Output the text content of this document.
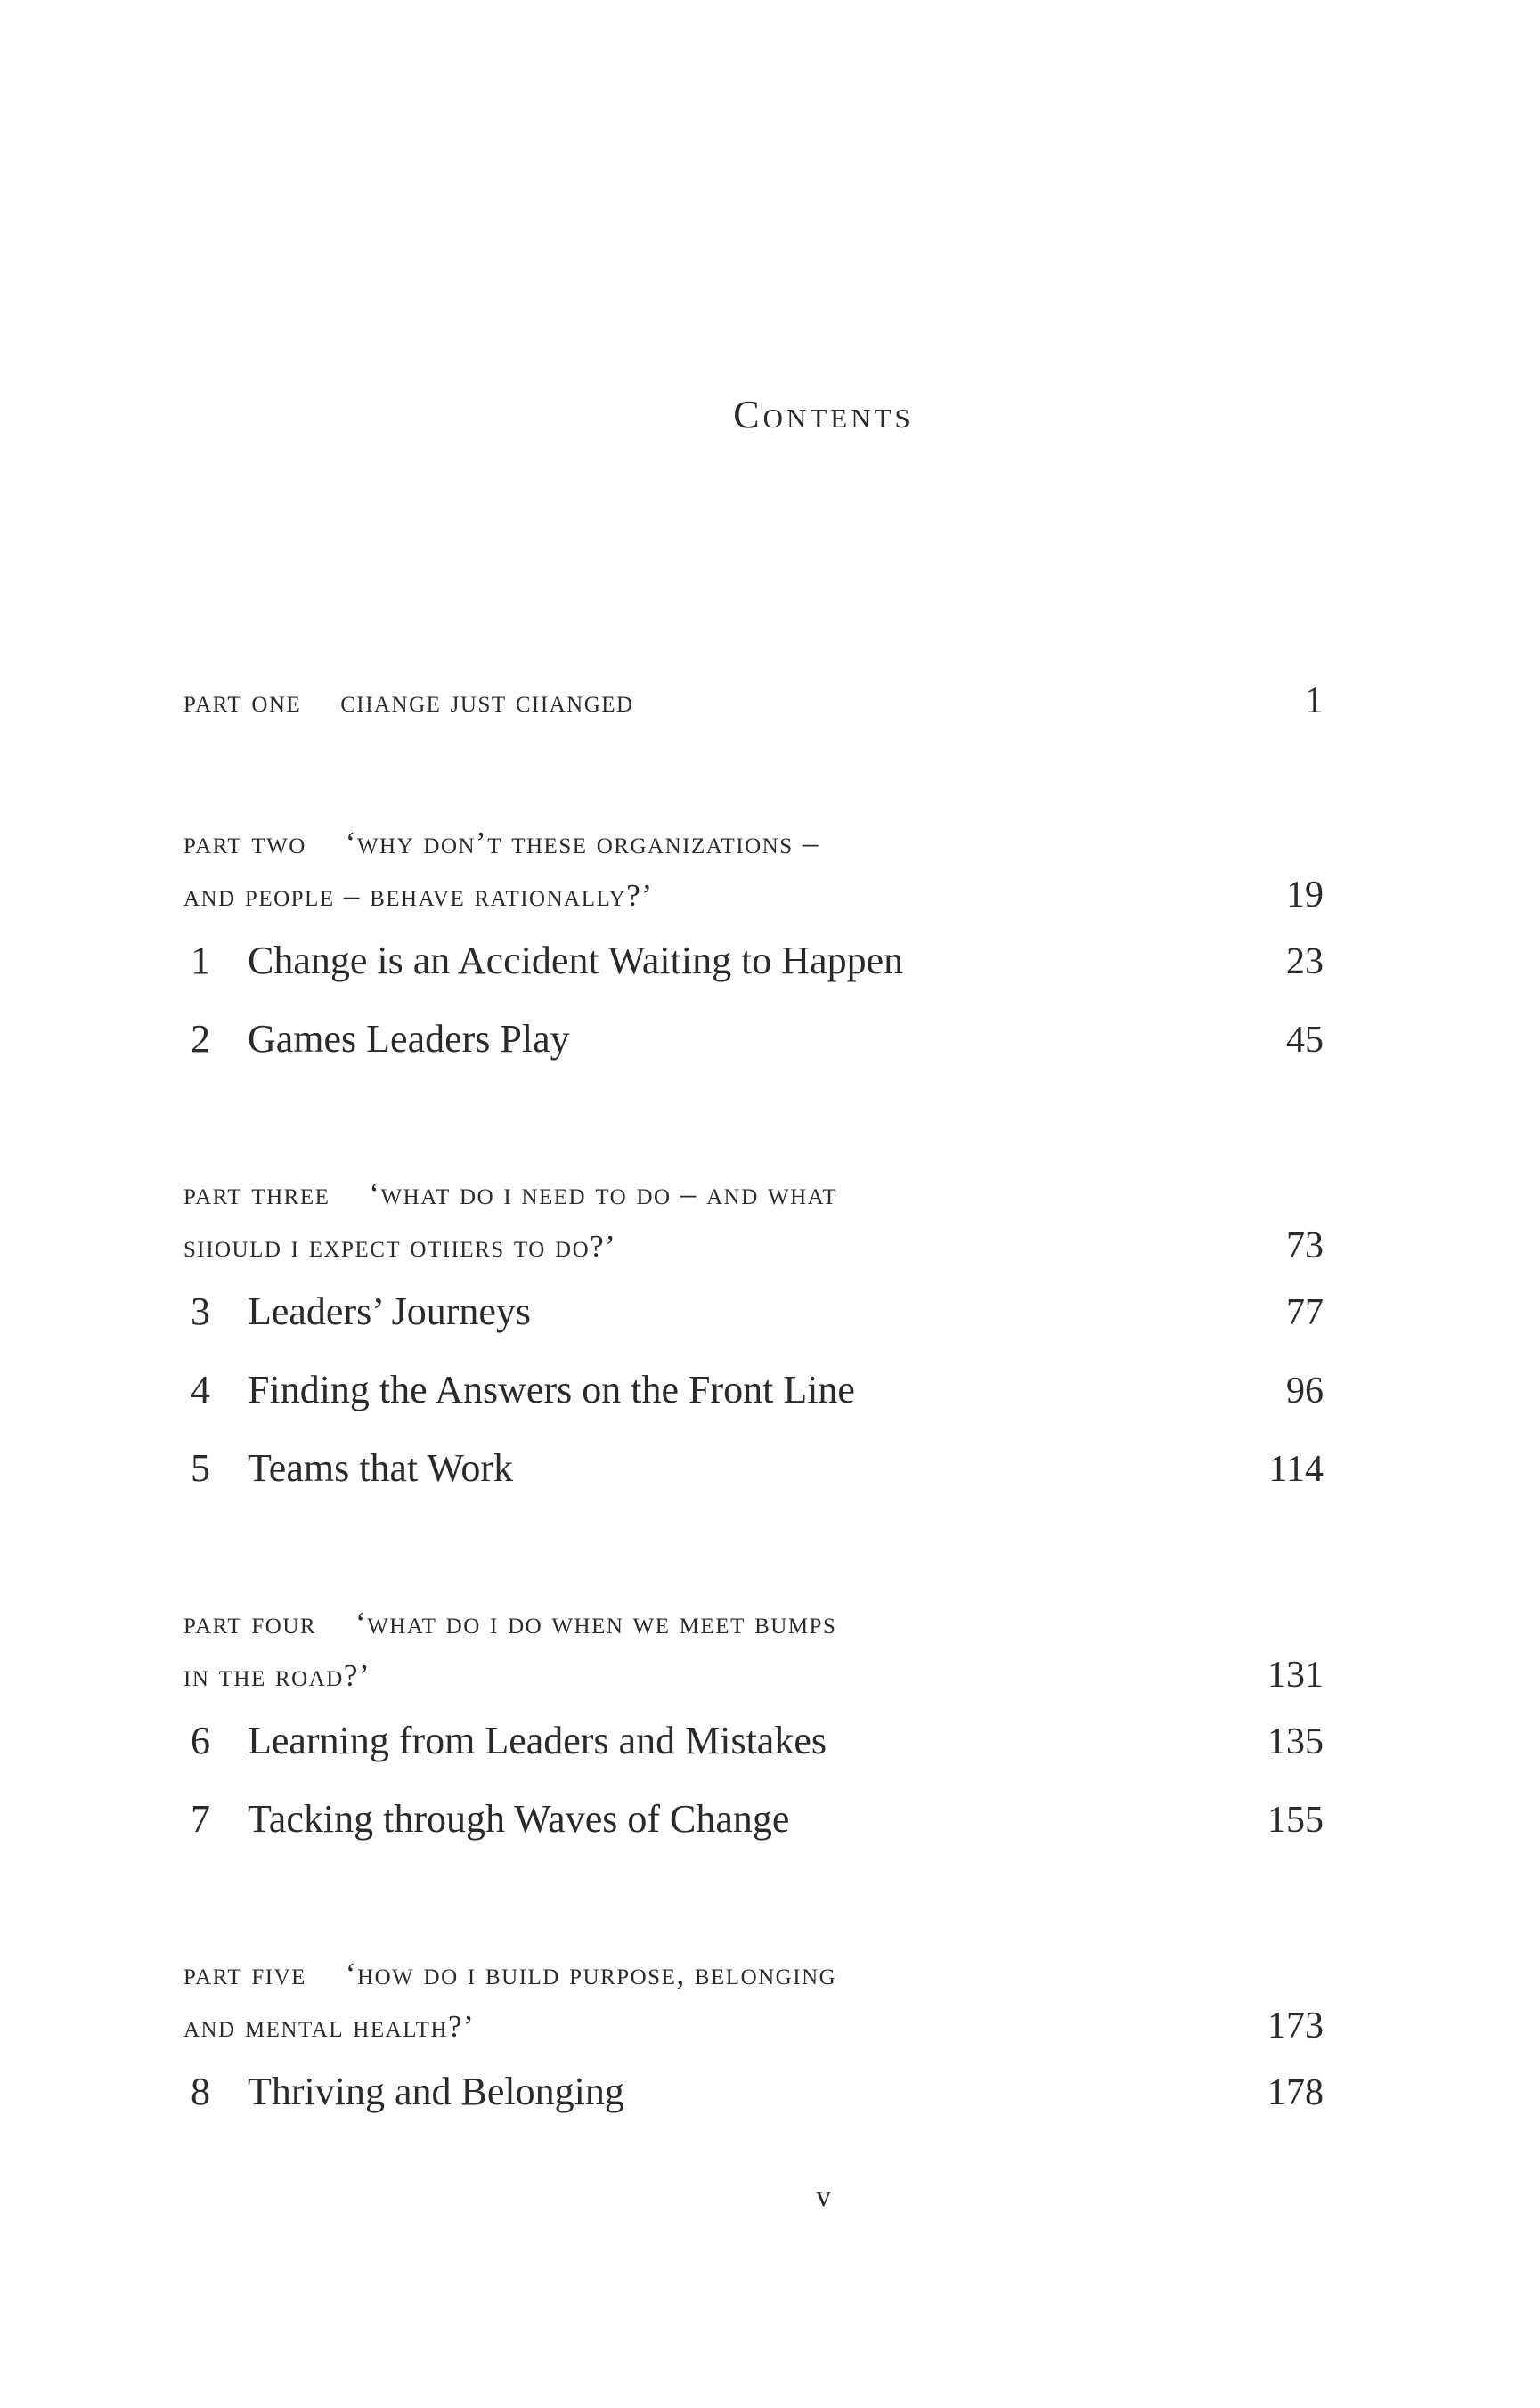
Contents
part one change just changed	1
part two ‘why don’t these organizations –
and people – behave rationally?’	19
1 Change is an Accident Waiting to Happen	23
2 Games Leaders Play	45
part three ‘what do i need to do – and what
should i expect others to do?’	73
3 Leaders’ Journeys	77
4 Finding the Answers on the Front Line	96
5 Teams that Work	114
part four ‘what do i do when we meet bumps
in the road?’	131
6 Learning from Leaders and Mistakes	135
7 Tacking through Waves of Change	155
part five ‘how do i build purpose, belonging
and mental health?’	173
8 Thriving and Belonging	178
v
